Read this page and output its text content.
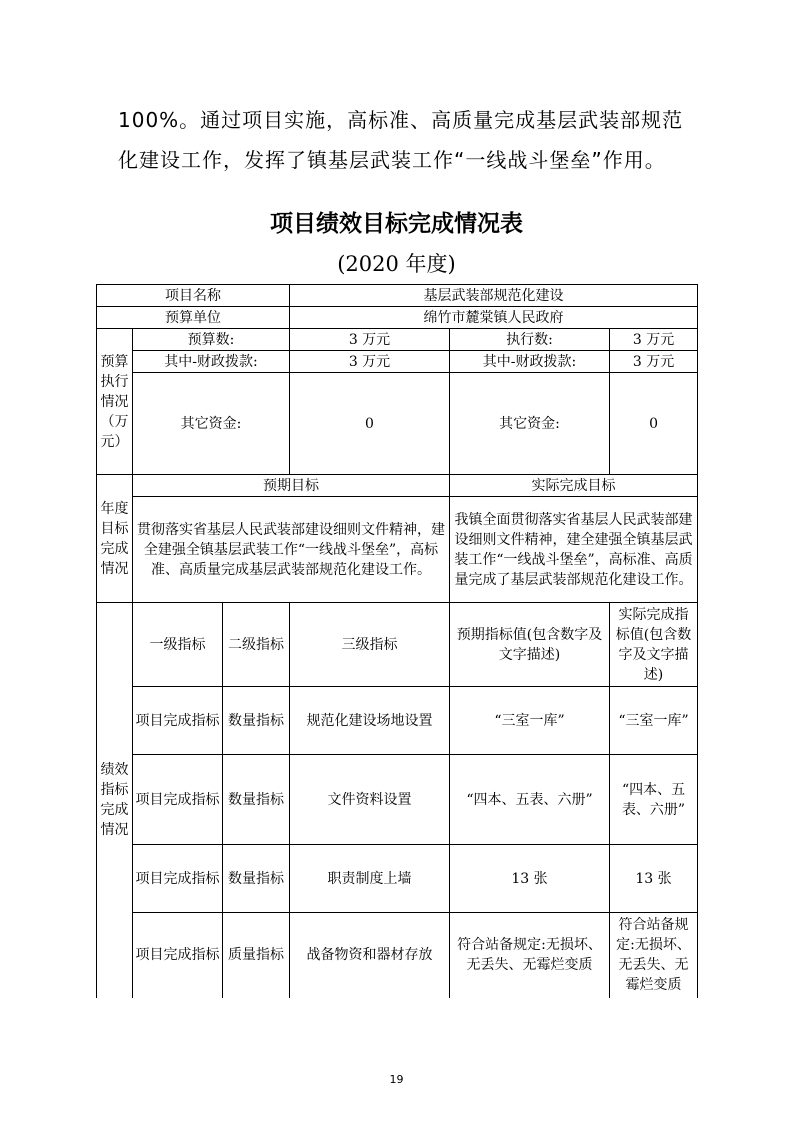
100%。通过项目实施，高标准、高质量完成基层武装部规范
化建设工作，发挥了镇基层武装工作“一线战斗堡垒”作用。
项目绩效目标完成情况表
(2020 年度)
项目名称			基层武装部规范化建设		
预算单位			绵竹市麓棠镇人民政府		
预算执行情况（万元）	预算数:		3 万元	执行数:	3 万元
	其中-财政拨款:		3 万元	其中-财政拨款:	3 万元
	其它资金:		0	其它资金:	0
年度目标完成情况	预期目标			实际完成目标	
	贯彻落实省基层人民武装部建设细则文件精神，建全建强全镇基层武装工作“一线战斗堡垒”，高标准、高质量完成基层武装部规范化建设工作。			我镇全面贯彻落实省基层人民武装部建设细则文件精神，建全建强全镇基层武装工作“一线战斗堡垒”，高标准、高质量完成了基层武装部规范化建设工作。	
绩效指标完成情况	一级指标	二级指标	三级指标	预期指标值(包含数字及文字描述)	实际完成指标值(包含数字及文字描述)
	项目完成指标	数量指标	规范化建设场地设置	“三室一库”	“三室一库”
	项目完成指标	数量指标	文件资料设置	“四本、五表、六册”	“四本、五表、六册”
	项目完成指标	数量指标	职责制度上墙	13 张	13 张
	项目完成指标	质量指标	战备物资和器材存放	符合站备规定:无损坏、无丢失、无霉烂变质	符合站备规定:无损坏、无丢失、无霉烂变质
19
